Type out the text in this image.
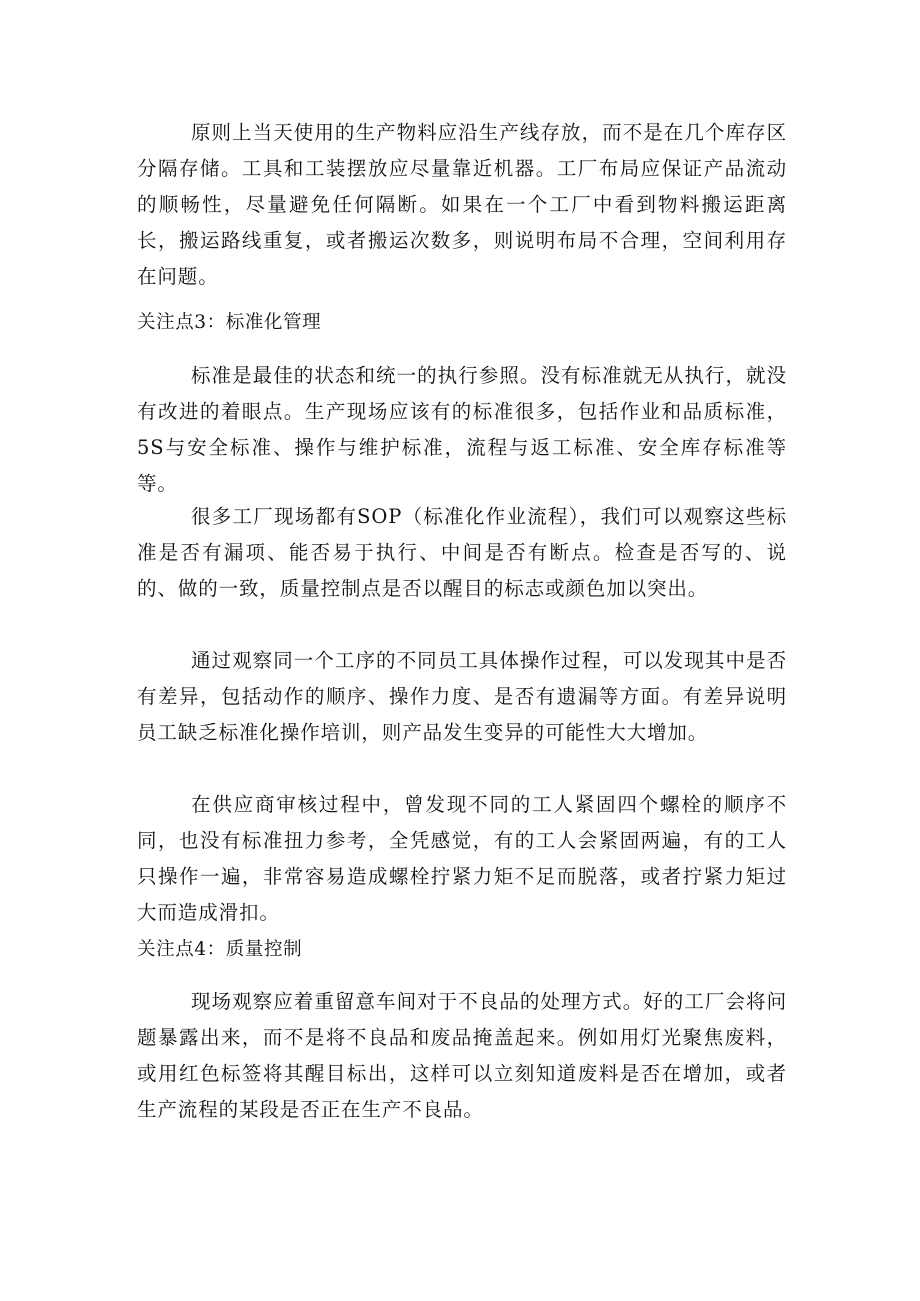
原则上当天使用的生产物料应沿生产线存放，而不是在几个库存区分隔存储。工具和工装摆放应尽量靠近机器。工厂布局应保证产品流动的顺畅性，尽量避免任何隔断。如果在一个工厂中看到物料搬运距离长，搬运路线重复，或者搬运次数多，则说明布局不合理，空间利用存在问题。

关注点3：标准化管理

标准是最佳的状态和统一的执行参照。没有标准就无从执行，就没有改进的着眼点。生产现场应该有的标准很多，包括作业和品质标准，5S与安全标准、操作与维护标准，流程与返工标准、安全库存标准等等。

很多工厂现场都有SOP（标准化作业流程），我们可以观察这些标准是否有漏项、能否易于执行、中间是否有断点。检查是否写的、说的、做的一致，质量控制点是否以醒目的标志或颜色加以突出。

通过观察同一个工序的不同员工具体操作过程，可以发现其中是否有差异，包括动作的顺序、操作力度、是否有遗漏等方面。有差异说明员工缺乏标准化操作培训，则产品发生变异的可能性大大增加。

在供应商审核过程中，曾发现不同的工人紧固四个螺栓的顺序不同，也没有标准扭力参考，全凭感觉，有的工人会紧固两遍，有的工人只操作一遍，非常容易造成螺栓拧紧力矩不足而脱落，或者拧紧力矩过大而造成滑扣。

关注点4：质量控制

现场观察应着重留意车间对于不良品的处理方式。好的工厂会将问题暴露出来，而不是将不良品和废品掩盖起来。例如用灯光聚焦废料，或用红色标签将其醒目标出，这样可以立刻知道废料是否在增加，或者生产流程的某段是否正在生产不良品。
